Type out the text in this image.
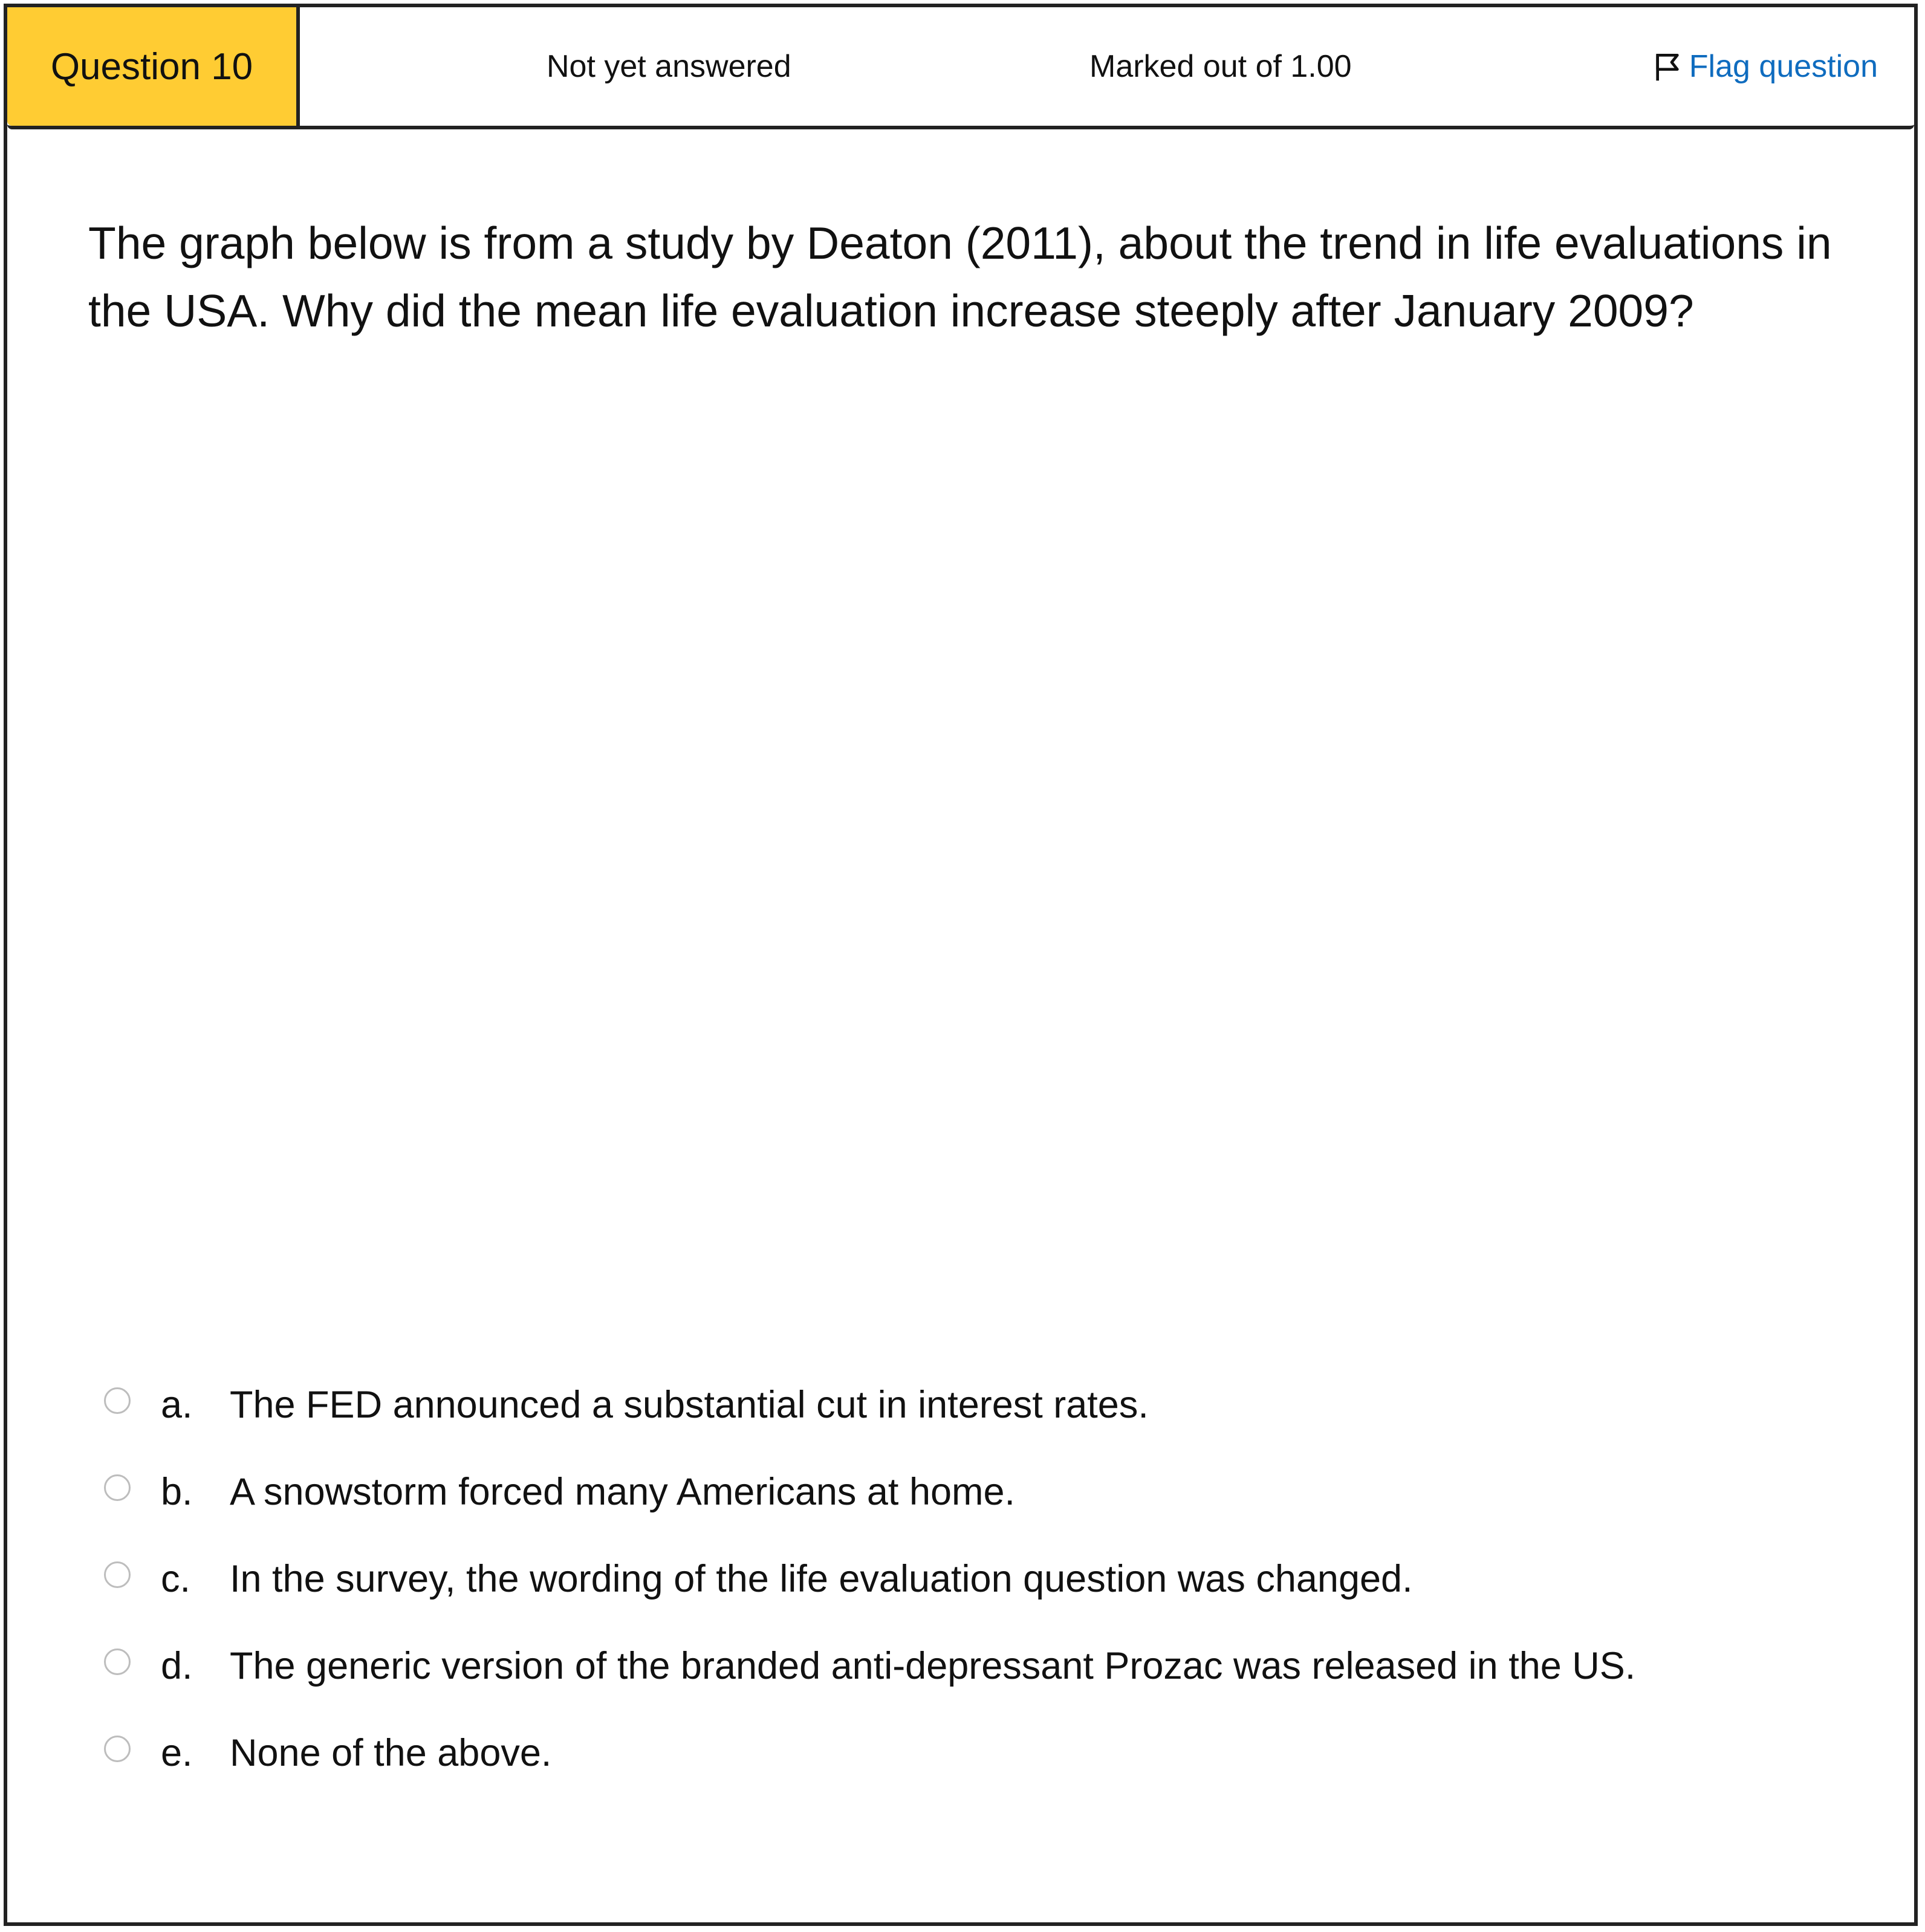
Question 10	Not yet answered	Marked out of 1.00	Flag question
The graph below is from a study by Deaton (2011), about the trend in life evaluations in the USA. Why did the mean life evaluation increase steeply after January 2009?
a. The FED announced a substantial cut in interest rates.
b. A snowstorm forced many Americans at home.
c.	In the survey, the wording of the life evaluation question was changed.
d. The generic version of the branded anti-depressant Prozac was released in the US.
e. None of the above.
